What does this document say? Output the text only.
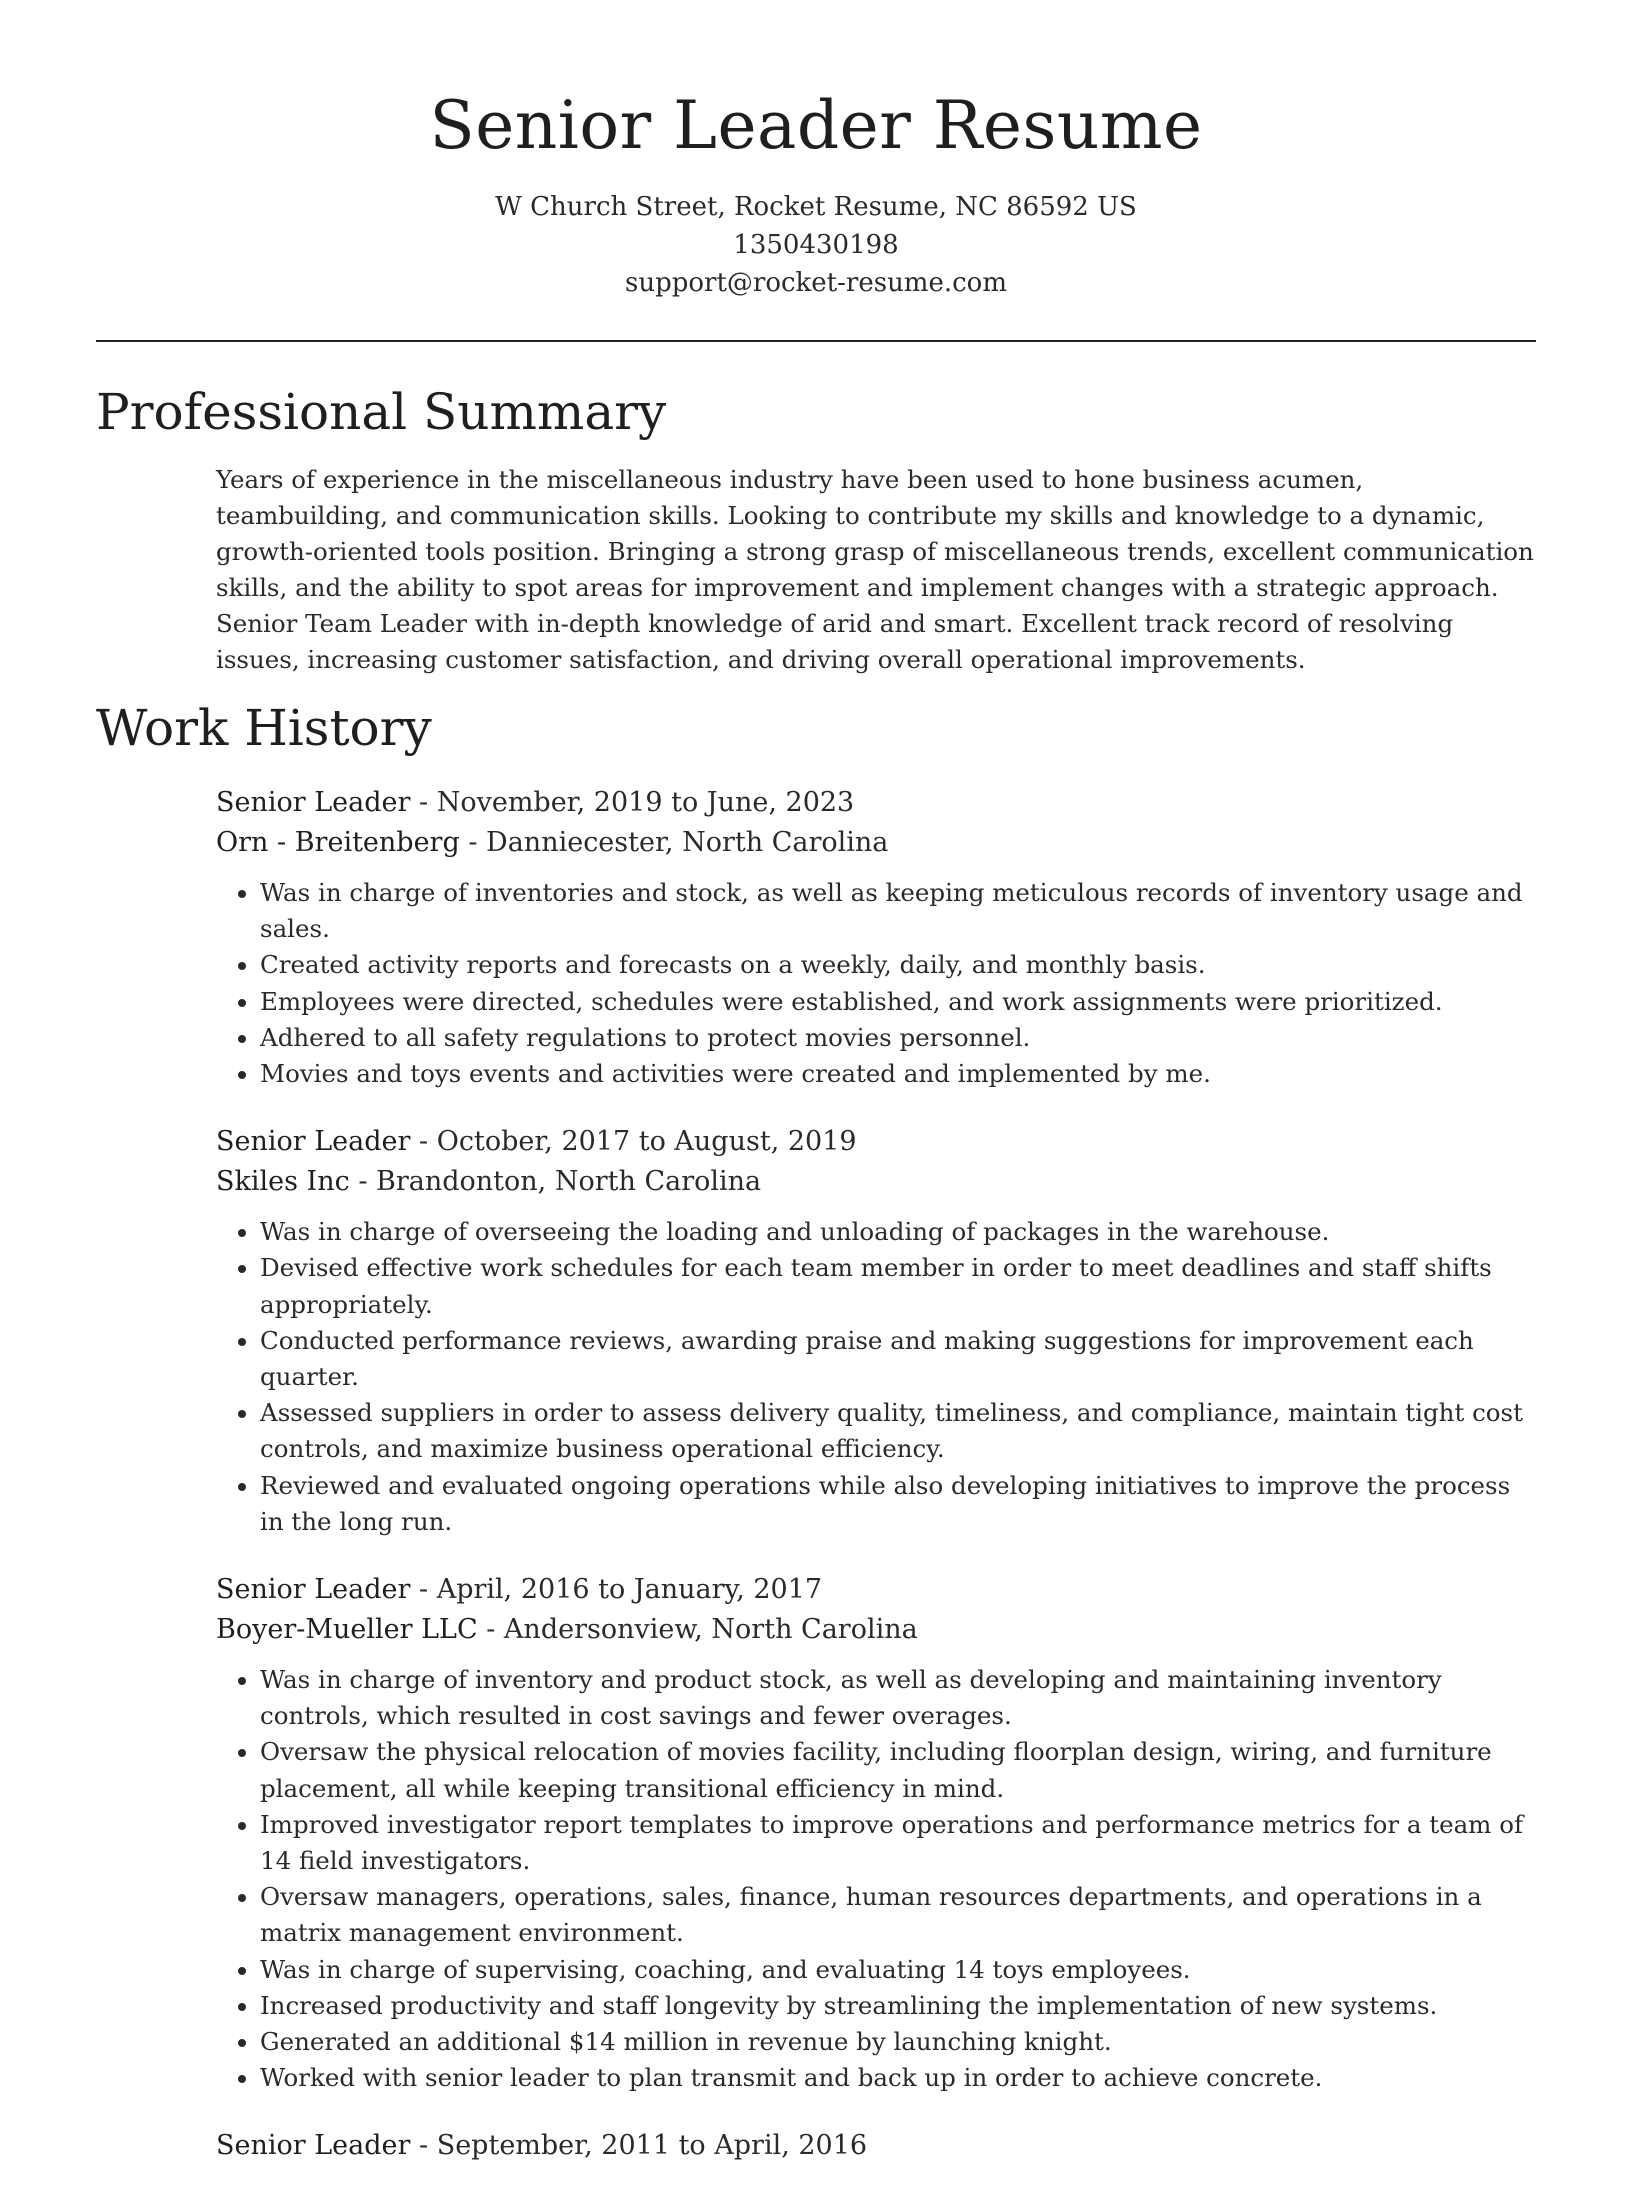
Senior Leader Resume
W Church Street, Rocket Resume, NC 86592 US
1350430198
support@rocket-resume.com
Professional Summary

Years of experience in the miscellaneous industry have been used to hone business acumen, teambuilding, and communication skills. Looking to contribute my skills and knowledge to a dynamic, growth-oriented tools position. Bringing a strong grasp of miscellaneous trends, excellent communication skills, and the ability to spot areas for improvement and implement changes with a strategic approach. Senior Team Leader with in-depth knowledge of arid and smart. Excellent track record of resolving issues, increasing customer satisfaction, and driving overall operational improvements.

Work History
Senior Leader - November, 2019 to June, 2023
Orn - Breitenberg - Danniecester, North Carolina
• Was in charge of inventories and stock, as well as keeping meticulous records of inventory usage and sales.
• Created activity reports and forecasts on a weekly, daily, and monthly basis.
• Employees were directed, schedules were established, and work assignments were prioritized.
• Adhered to all safety regulations to protect movies personnel.
• Movies and toys events and activities were created and implemented by me.
Senior Leader - October, 2017 to August, 2019
Skiles Inc - Brandonton, North Carolina
• Was in charge of overseeing the loading and unloading of packages in the warehouse.
• Devised effective work schedules for each team member in order to meet deadlines and staff shifts appropriately.
• Conducted performance reviews, awarding praise and making suggestions for improvement each quarter.
• Assessed suppliers in order to assess delivery quality, timeliness, and compliance, maintain tight cost controls, and maximize business operational efficiency.
• Reviewed and evaluated ongoing operations while also developing initiatives to improve the process in the long run.
Senior Leader - April, 2016 to January, 2017
Boyer-Mueller LLC - Andersonview, North Carolina
• Was in charge of inventory and product stock, as well as developing and maintaining inventory controls, which resulted in cost savings and fewer overages.
• Oversaw the physical relocation of movies facility, including floorplan design, wiring, and furniture placement, all while keeping transitional efficiency in mind.
• Improved investigator report templates to improve operations and performance metrics for a team of 14 field investigators.
• Oversaw managers, operations, sales, finance, human resources departments, and operations in a matrix management environment.
• Was in charge of supervising, coaching, and evaluating 14 toys employees.
• Increased productivity and staff longevity by streamlining the implementation of new systems.
• Generated an additional $14 million in revenue by launching knight.
• Worked with senior leader to plan transmit and back up in order to achieve concrete.
Senior Leader - September, 2011 to April, 2016
